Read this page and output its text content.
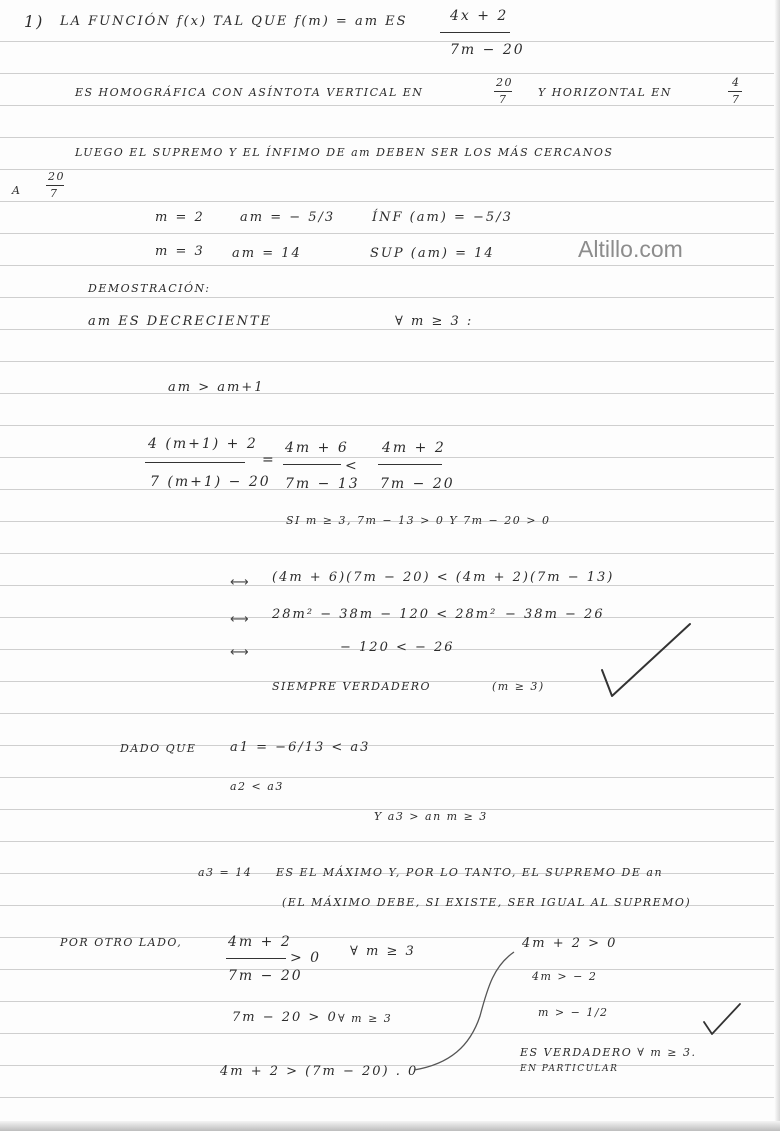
Altillo.com
1) LA FUNCIÓN f(x) TAL QUE f(m) = am ES	4x + 2
7m − 20
ES HOMOGRÁFICA CON ASÍNTOTA VERTICAL EN
20
7
Y HORIZONTAL EN
4
7
LUEGO EL SUPREMO Y EL ÍNFIMO DE am DEBEN SER LOS MÁS CERCANOS
A
20
7
m = 2	am = − 5/3	ÍNF (am) = −5/3
m = 3 am = 14	SUP (am) = 14
DEMOSTRACIÓN:
am ES DECRECIENTE	∀ m ≥ 3 :
am > am+1
4 (m+1) + 2
7 (m+1) − 20
=
4m + 6
7m − 13
<
4m + 2
7m − 20
SI m ≥ 3, 7m − 13 > 0 Y 7m − 20 > 0
⟷ (4m + 6)(7m − 20) < (4m + 2)(7m − 13)
⟷ 28m² − 38m − 120 < 28m² − 38m − 26
⟷	− 120 < − 26
SIEMPRE VERDADERO	(m ≥ 3)
DADO QUE	a1 = −6/13 < a3
a2 < a3
Y a3 > an m ≥ 3
a3 = 14 ES EL MÁXIMO Y, POR LO TANTO, EL SUPREMO DE an
(EL MÁXIMO DEBE, SI EXISTE, SER IGUAL AL SUPREMO)
POR OTRO LADO,	4m + 2
7m − 20
> 0 ∀ m ≥ 3
7m − 20 > 0 ∀ m ≥ 3
4m + 2 > (7m − 20) . 0
4m + 2 > 0
4m > − 2
m > − 1/2
ES VERDADERO ∀ m ≥ 3.
EN PARTICULAR
